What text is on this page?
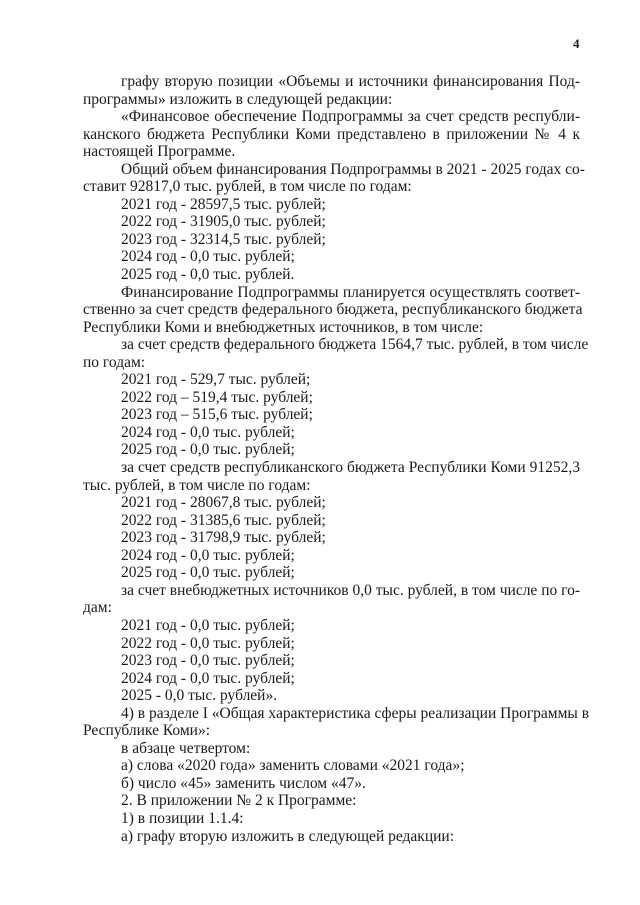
4
графу вторую позиции «Объемы и источники финансирования Под-
программы» изложить в следующей редакции:
«Финансовое обеспечение Подпрограммы за счет средств республи-
канского бюджета Республики Коми представлено в приложении № 4 к
настоящей Программе.
Общий объем финансирования Подпрограммы в 2021 - 2025 годах со-
ставит 92817,0 тыс. рублей, в том числе по годам:
2021 год - 28597,5 тыс. рублей;
2022 год - 31905,0 тыс. рублей;
2023 год - 32314,5 тыс. рублей;
2024 год - 0,0 тыс. рублей;
2025 год - 0,0 тыс. рублей.
Финансирование Подпрограммы планируется осуществлять соответ-
ственно за счет средств федерального бюджета, республиканского бюджета
Республики Коми и внебюджетных источников, в том числе:
за счет средств федерального бюджета 1564,7 тыс. рублей, в том числе
по годам:
2021 год - 529,7 тыс. рублей;
2022 год – 519,4 тыс. рублей;
2023 год – 515,6 тыс. рублей;
2024 год - 0,0 тыс. рублей;
2025 год - 0,0 тыс. рублей;
за счет средств республиканского бюджета Республики Коми 91252,3
тыс. рублей, в том числе по годам:
2021 год - 28067,8 тыс. рублей;
2022 год - 31385,6 тыс. рублей;
2023 год - 31798,9 тыс. рублей;
2024 год - 0,0 тыс. рублей;
2025 год - 0,0 тыс. рублей;
за счет внебюджетных источников 0,0 тыс. рублей, в том числе по го-
дам:
2021 год - 0,0 тыс. рублей;
2022 год - 0,0 тыс. рублей;
2023 год - 0,0 тыс. рублей;
2024 год - 0,0 тыс. рублей;
2025 - 0,0 тыс. рублей».
4) в разделе I «Общая характеристика сферы реализации Программы в
Республике Коми»:
в абзаце четвертом:
а) слова «2020 года» заменить словами «2021 года»;
б) число «45» заменить числом «47».
2. В приложении № 2 к Программе:
1) в позиции 1.1.4:
а) графу вторую изложить в следующей редакции:
